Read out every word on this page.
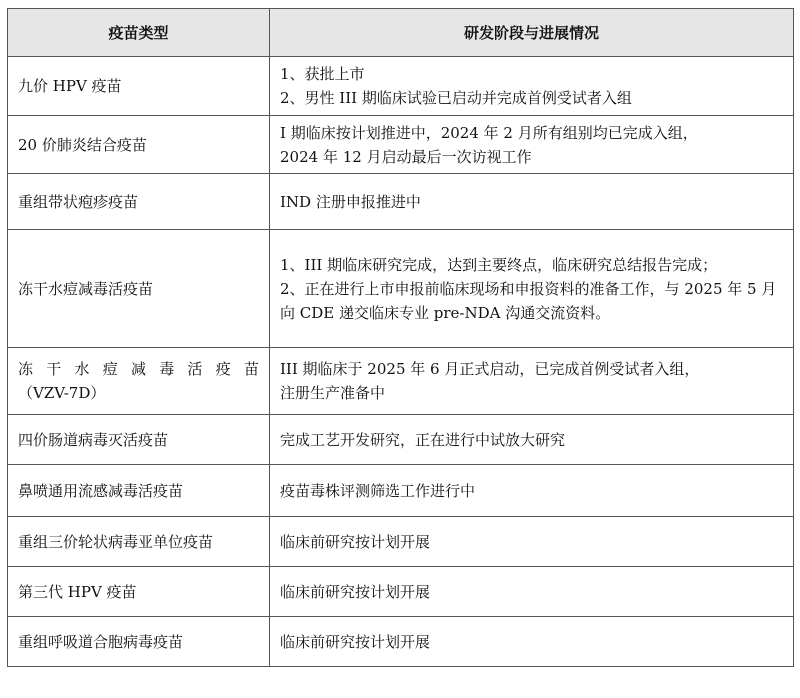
疫苗类型	研发阶段与进展情况
九价 HPV 疫苗	1、获批上市
2、男性 III 期临床试验已启动并完成首例受试者入组

20 价肺炎结合疫苗	I 期临床按计划推进中，2024 年 2 月所有组别均已完成入组，
2024 年 12 月启动最后一次访视工作

重组带状疱疹疫苗	IND 注册申报推进中

冻干水痘减毒活疫苗	1、III 期临床研究完成，达到主要终点，临床研究总结报告完成；
2、正在进行上市申报前临床现场和申报资料的准备工作，与 2025 年 5 月向 CDE 递交临床专业 pre-NDA 沟通交流资料。

冻干水痘减毒活疫苗
（VZV-7D）	III 期临床于 2025 年 6 月正式启动，已完成首例受试者入组，
注册生产准备中

四价肠道病毒灭活疫苗	完成工艺开发研究，正在进行中试放大研究

鼻喷通用流感减毒活疫苗	疫苗毒株评测筛选工作进行中

重组三价轮状病毒亚单位疫苗	临床前研究按计划开展

第三代 HPV 疫苗	临床前研究按计划开展

重组呼吸道合胞病毒疫苗	临床前研究按计划开展
